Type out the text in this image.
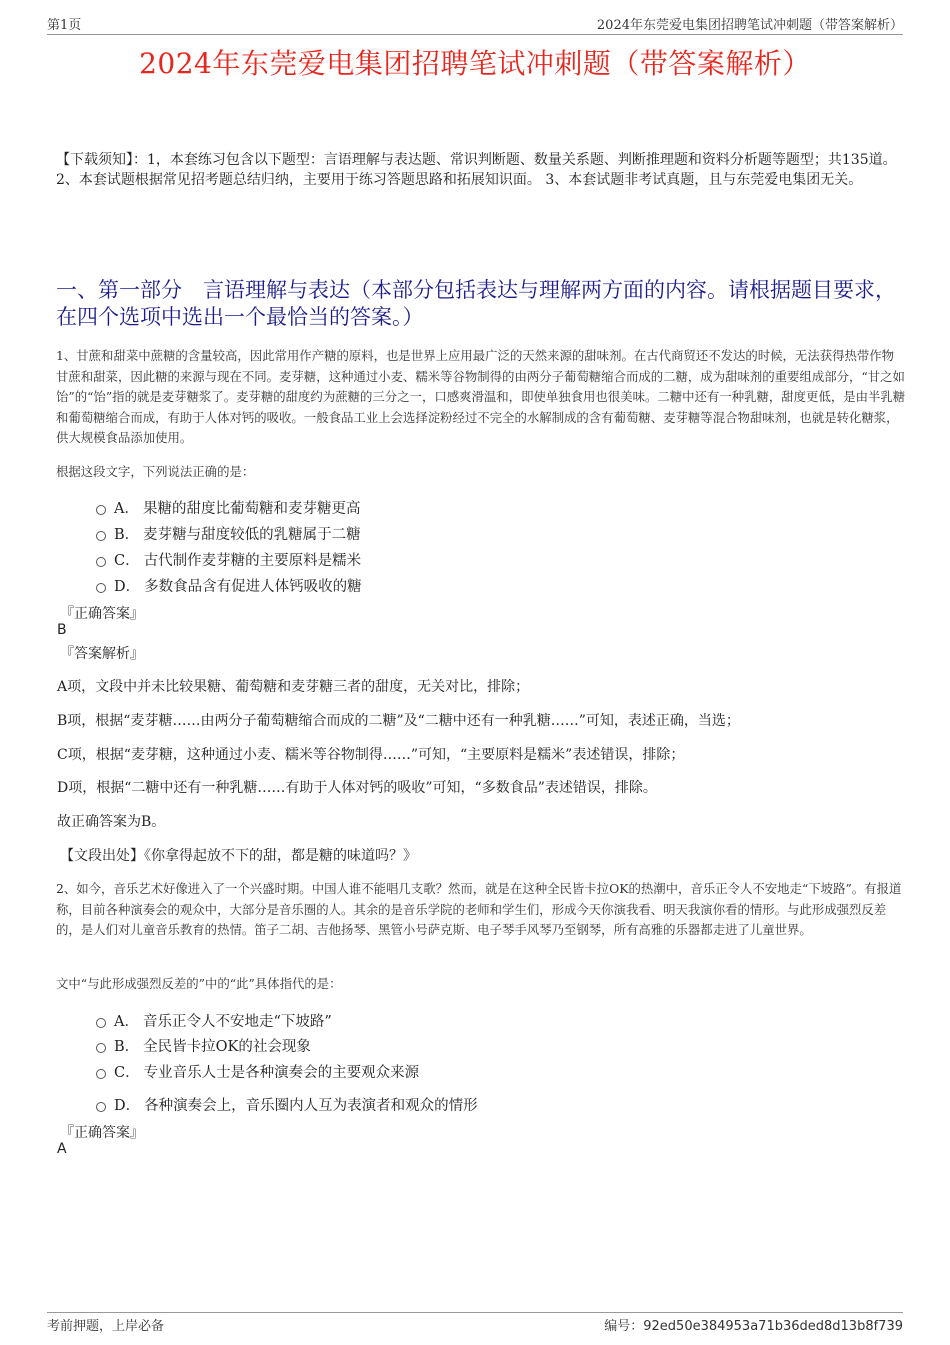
第1页	2024年东莞爱电集团招聘笔试冲刺题（带答案解析）
2024年东莞爱电集团招聘笔试冲刺题（带答案解析）
【下载须知】：1，本套练习包含以下题型：言语理解与表达题、常识判断题、数量关系题、判断推理题和资料分析题等题型；共135道。 2、本套试题根据常见招考题总结归纳，主要用于练习答题思路和拓展知识面。 3、本套试题非考试真题，且与东莞爱电集团无关。
一、第一部分　言语理解与表达（本部分包括表达与理解两方面的内容。请根据题目要求，在四个选项中选出一个最恰当的答案。）
1、甘蔗和甜菜中蔗糖的含量较高，因此常用作产糖的原料，也是世界上应用最广泛的天然来源的甜味剂。在古代商贸还不发达的时候，无法获得热带作物甘蔗和甜菜，因此糖的来源与现在不同。麦芽糖，这种通过小麦、糯米等谷物制得的由两分子葡萄糖缩合而成的二糖，成为甜味剂的重要组成部分，“甘之如饴”的“饴”指的就是麦芽糖浆了。麦芽糖的甜度约为蔗糖的三分之一，口感爽滑温和，即使单独食用也很美味。二糖中还有一种乳糖，甜度更低，是由半乳糖和葡萄糖缩合而成，有助于人体对钙的吸收。一般食品工业上会选择淀粉经过不完全的水解制成的含有葡萄糖、麦芽糖等混合物甜味剂，也就是转化糖浆，供大规模食品添加使用。
根据这段文字，下列说法正确的是：
A． 果糖的甜度比葡萄糖和麦芽糖更高
B． 麦芽糖与甜度较低的乳糖属于二糖
C． 古代制作麦芽糖的主要原料是糯米
D． 多数食品含有促进人体钙吸收的糖
『正确答案』
B
『答案解析』
A项，文段中并未比较果糖、葡萄糖和麦芽糖三者的甜度，无关对比，排除；
B项，根据“麦芽糖……由两分子葡萄糖缩合而成的二糖”及“二糖中还有一种乳糖……”可知，表述正确，当选；
C项，根据“麦芽糖，这种通过小麦、糯米等谷物制得……”可知，“主要原料是糯米”表述错误，排除；
D项，根据“二糖中还有一种乳糖……有助于人体对钙的吸收”可知，“多数食品”表述错误，排除。
故正确答案为B。
【文段出处】《你拿得起放不下的甜，都是糖的味道吗？》
2、如今，音乐艺术好像进入了一个兴盛时期。中国人谁不能唱几支歌？然而，就是在这种全民皆卡拉OK的热潮中，音乐正令人不安地走“下坡路”。有报道称，目前各种演奏会的观众中，大部分是音乐圈的人。其余的是音乐学院的老师和学生们，形成今天你演我看、明天我演你看的情形。与此形成强烈反差的，是人们对儿童音乐教育的热情。笛子二胡、吉他扬琴、黑管小号萨克斯、电子琴手风琴乃至钢琴，所有高雅的乐器都走进了儿童世界。
文中“与此形成强烈反差的”中的“此”具体指代的是：
A． 音乐正令人不安地走“下坡路”
B． 全民皆卡拉OK的社会现象
C． 专业音乐人士是各种演奏会的主要观众来源
D． 各种演奏会上，音乐圈内人互为表演者和观众的情形
『正确答案』
A
考前押题，上岸必备	编号：92ed50e384953a71b36ded8d13b8f739
